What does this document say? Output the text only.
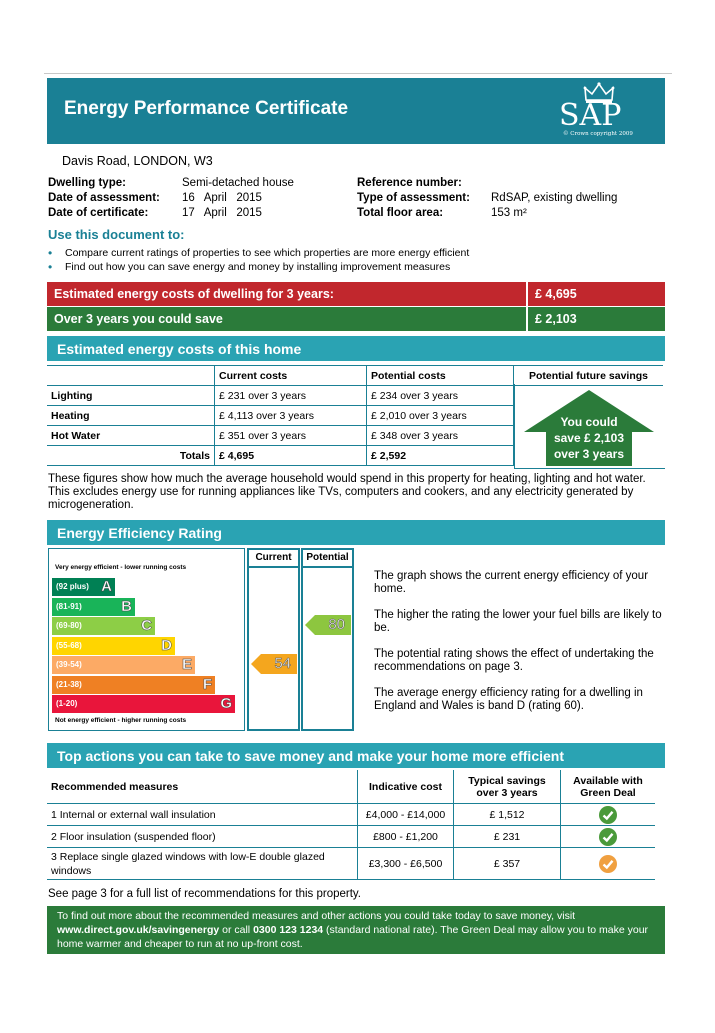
Energy Performance Certificate	SAP
© Crown copyright 2009
Davis Road, LONDON, W3
Dwelling type:	Semi-detached house
Date of assessment: 16   April   2015
Date of certificate:	17   April   2015
Reference number:
Type of assessment: RdSAP, existing dwelling
Total floor area:	153 m²
Use this document to:
• Compare current ratings of properties to see which properties are more energy efficient
• Find out how you can save energy and money by installing improvement measures
Estimated energy costs of dwelling for 3 years:	£ 4,695
Over 3 years you could save	£ 2,103
Estimated energy costs of this home
	Current costs	Potential costs	Potential future savings
Lighting	£ 231 over 3 years	£ 234 over 3 years	
Heating	£ 4,113 over 3 years	£ 2,010 over 3 years	
Hot Water	£ 351 over 3 years	£ 348 over 3 years	
Totals	£ 4,695	£ 2,592	
You could
save £ 2,103
over 3 years
These figures show how much the average household would spend in this property for heating, lighting and hot water. This excludes energy use for running appliances like TVs, computers and cookers, and any electricity generated by microgeneration.
Energy Efficiency Rating
Very energy efficient - lower running costs
(92 plus) A
(81-91)	B
(69-80)	C
(55-68)	D
(39-54)	E
(21-38)	F
(1-20)	G
Not energy efficient - higher running costs
Current	Potential
54
80

The graph shows the current energy efficiency of your home.

The higher the rating the lower your fuel bills are likely to be.

The potential rating shows the effect of undertaking the recommendations on page 3.

The average energy efficiency rating for a dwelling in England and Wales is band D (rating 60).

Top actions you can take to save money and make your home more efficient
Recommended measures	Indicative cost	Typical savings over 3 years	Available with Green Deal
1 Internal or external wall insulation	£4,000 - £14,000	£ 1,512	

2 Floor insulation (suspended floor)	£800 - £1,200	£ 231	

3 Replace single glazed windows with low-E double glazed windows	£3,300 - £6,500	£ 357	
See page 3 for a full list of recommendations for this property.
To find out more about the recommended measures and other actions you could take today to save money, visit
www.direct.gov.uk/savingenergy or call 0300 123 1234 (standard national rate). The Green Deal may allow you to make your home warmer and cheaper to run at no up-front cost.
